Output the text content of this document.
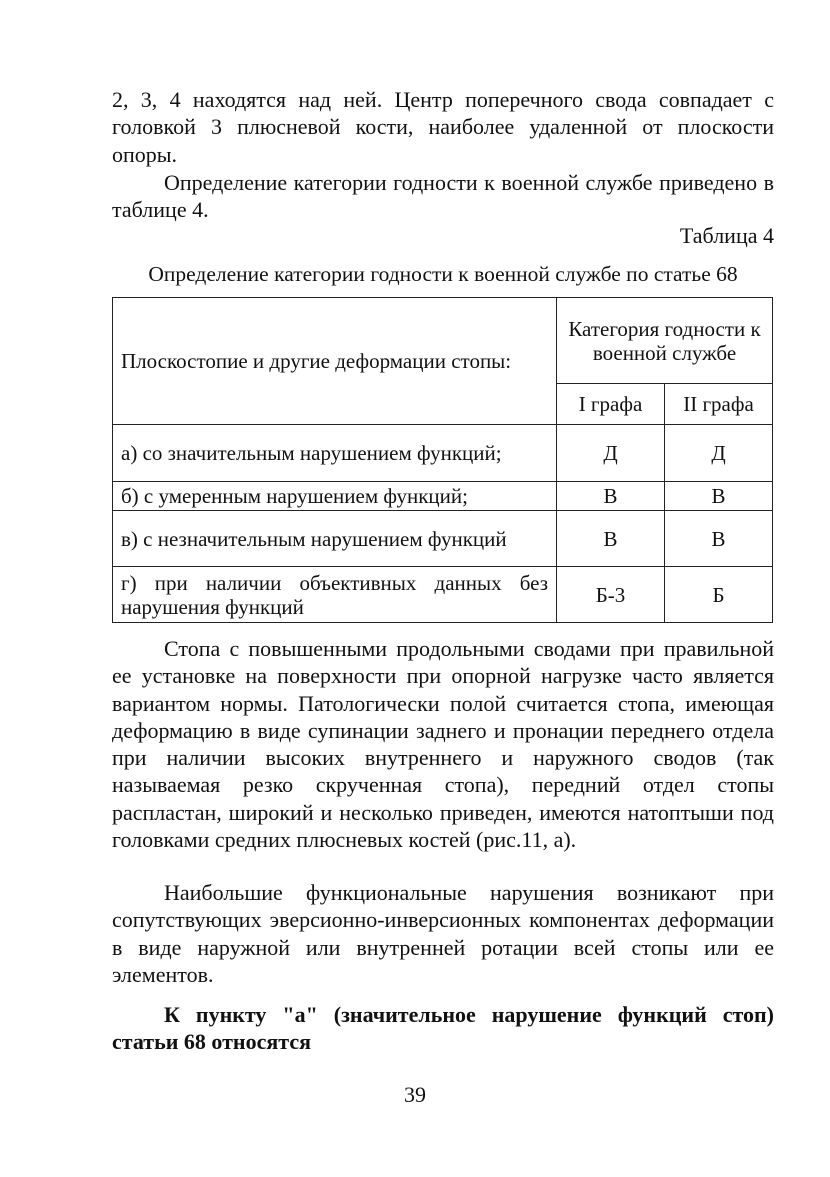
2, 3, 4 находятся над ней. Центр поперечного свода совпадает с головкой 3 плюсневой кости, наиболее удаленной от плоскости опоры.

Определение категории годности к военной службе приведено в таблице 4.

Таблица 4

Определение категории годности к военной службе по статье 68

Плоскостопие и другие деформации стопы:	Категория годности к военной службе	
	I графа	II графа
а) со значительным нарушением функций;	Д	Д
б) с умеренным нарушением функций;	В	В
в) с незначительным нарушением функций	В	В
г) при наличии объективных данных без нарушения функций	Б-3	Б

Стопа с повышенными продольными сводами при правильной ее установке на поверхности при опорной нагрузке часто является вариантом нормы. Патологически полой считается стопа, имеющая деформацию в виде супинации заднего и пронации переднего отдела при наличии высоких внутреннего и наружного сводов (так называемая резко скрученная стопа), передний отдел стопы распластан, широкий и несколько приведен, имеются натоптыши под головками средних плюсневых костей (рис.11, а).

Наибольшие функциональные нарушения возникают при сопутствующих эверсионно-инверсионных компонентах деформации в виде наружной или внутренней ротации всей стопы или ее элементов.

К пункту "а" (значительное нарушение функций стоп) статьи 68 относятся

39
